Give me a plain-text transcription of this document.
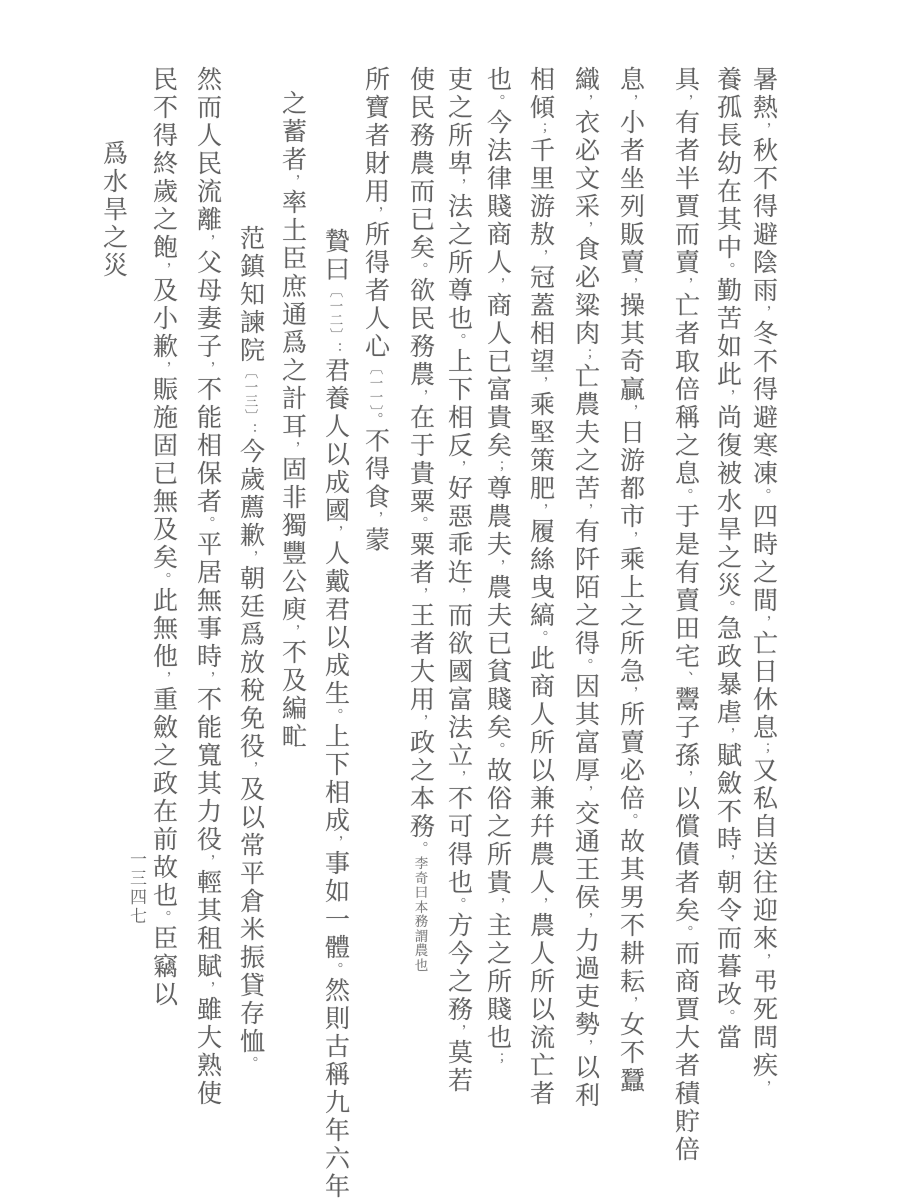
暑熱，秋不得避陰雨，冬不得避寒凍。四時之間，亡日休息；又私自送往迎來，弔死問疾，
養孤長幼在其中。勤苦如此，尚復被水旱之災。急政暴虐，賦斂不時，朝令而暮改。當
具，有者半賈而賣，亡者取倍稱之息。于是有賣田宅、鬻子孫，以償債者矣。而商賈大者積貯倍
息，小者坐列販賣，操其奇贏，日游都市，乘上之所急，所賣必倍。故其男不耕耘，女不蠶
織，衣必文采，食必粱肉；亡農夫之苦，有阡陌之得。因其富厚，交通王侯，力過吏勢，以利
相傾；千里游敖，冠蓋相望，乘堅策肥，履絲曳縞。此商人所以兼幷農人，農人所以流亡者
也。今法律賤商人，商人已富貴矣；尊農夫，農夫已貧賤矣。故俗之所貴，主之所賤也；
吏之所卑，法之所尊也。上下相反，好惡乖迕，而欲國富法立，不可得也。方今之務，莫若
使民務農而已矣。欲民務農，在于貴粟。粟者，王者大用，政之本務。李奇曰本務謂農也
所寶者財用，所得者人心〔一一〕。不得食，蒙
贄曰〔一二〕：君養人以成國，人戴君以成生。上下相成，事如一體。然則古稱九年六年
之蓄者，率土臣庶通爲之計耳，固非獨豐公庾，不及編甿
范鎮知諫院〔一三〕：今歲薦歉，朝廷爲放稅免役，及以常平倉米振貸存恤。
然而人民流離，父母妻子，不能相保者。平居無事時，不能寬其力役，輕其租賦，雖大熟使
民不得終歲之飽，及小歉，賑施固已無及矣。此無他，重斂之政在前故也。臣竊以
爲水旱之災
一三四七
